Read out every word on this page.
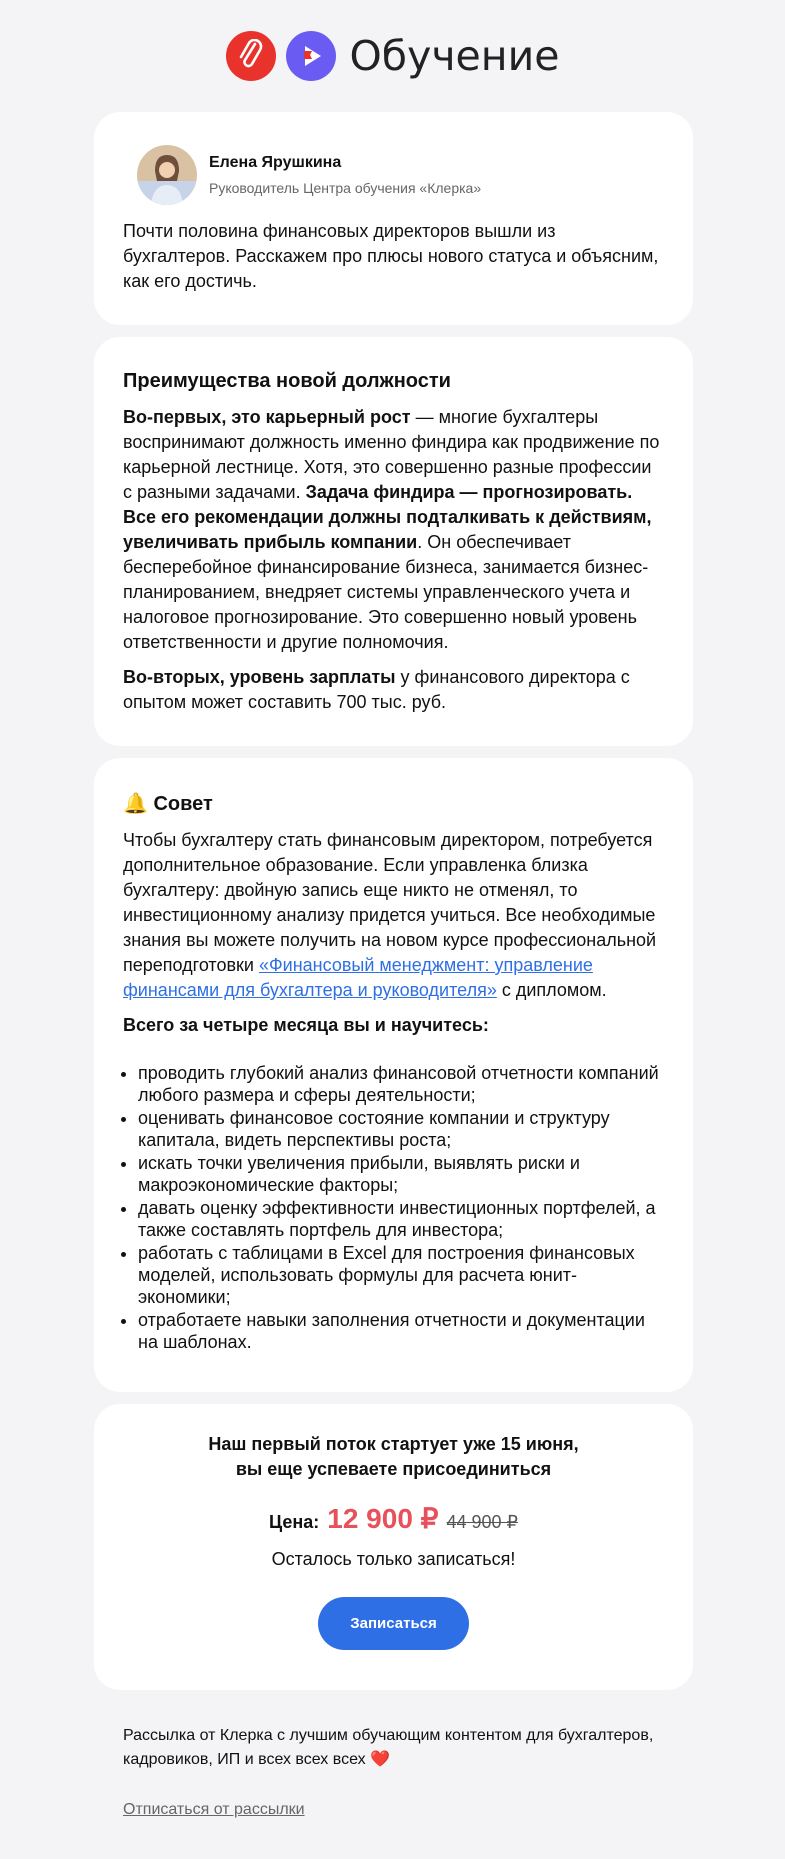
Обучение
Елена Ярушкина
Руководитель Центра обучения «Клерка»

Почти половина финансовых директоров вышли из бухгалтеров. Расскажем про плюсы нового статуса и объясним, как его достичь.

Преимущества новой должности

Во-первых, это карьерный рост — многие бухгалтеры воспринимают должность именно финдира как продвижение по карьерной лестнице. Хотя, это совершенно разные профессии с разными задачами. Задача финдира — прогнозировать. Все его рекомендации должны подталкивать к действиям, увеличивать прибыль компании. Он обеспечивает бесперебойное финансирование бизнеса, занимается бизнес-планированием, внедряет системы управленческого учета и налоговое прогнозирование. Это совершенно новый уровень ответственности и другие полномочия.

Во-вторых, уровень зарплаты у финансового директора с опытом может составить 700 тыс. руб.

🔔 Совет

Чтобы бухгалтеру стать финансовым директором, потребуется дополнительное образование. Если управленка близка бухгалтеру: двойную запись еще никто не отменял, то инвестиционному анализу придется учиться. Все необходимые знания вы можете получить на новом курсе профессиональной переподготовки «Финансовый менеджмент: управление финансами для бухгалтера и руководителя» с дипломом.

Всего за четыре месяца вы и научитесь:

• проводить глубокий анализ финансовой отчетности компаний любого размера и сферы деятельности;
• оценивать финансовое состояние компании и структуру капитала, видеть перспективы роста;
• искать точки увеличения прибыли, выявлять риски и макроэкономические факторы;
• давать оценку эффективности инвестиционных портфелей, а также составлять портфель для инвестора;
• работать с таблицами в Excel для построения финансовых моделей, использовать формулы для расчета юнит-экономики;
• отработаете навыки заполнения отчетности и документации на шаблонах.
Наш первый поток стартует уже 15 июня,
вы еще успеваете присоединиться
Цена: 12 900 ₽ 44 900 ₽
Осталось только записаться!
Записаться
Рассылка от Клерка с лучшим обучающим контентом для бухгалтеров, кадровиков, ИП и всех всех всех ❤️
Отписаться от рассылки
